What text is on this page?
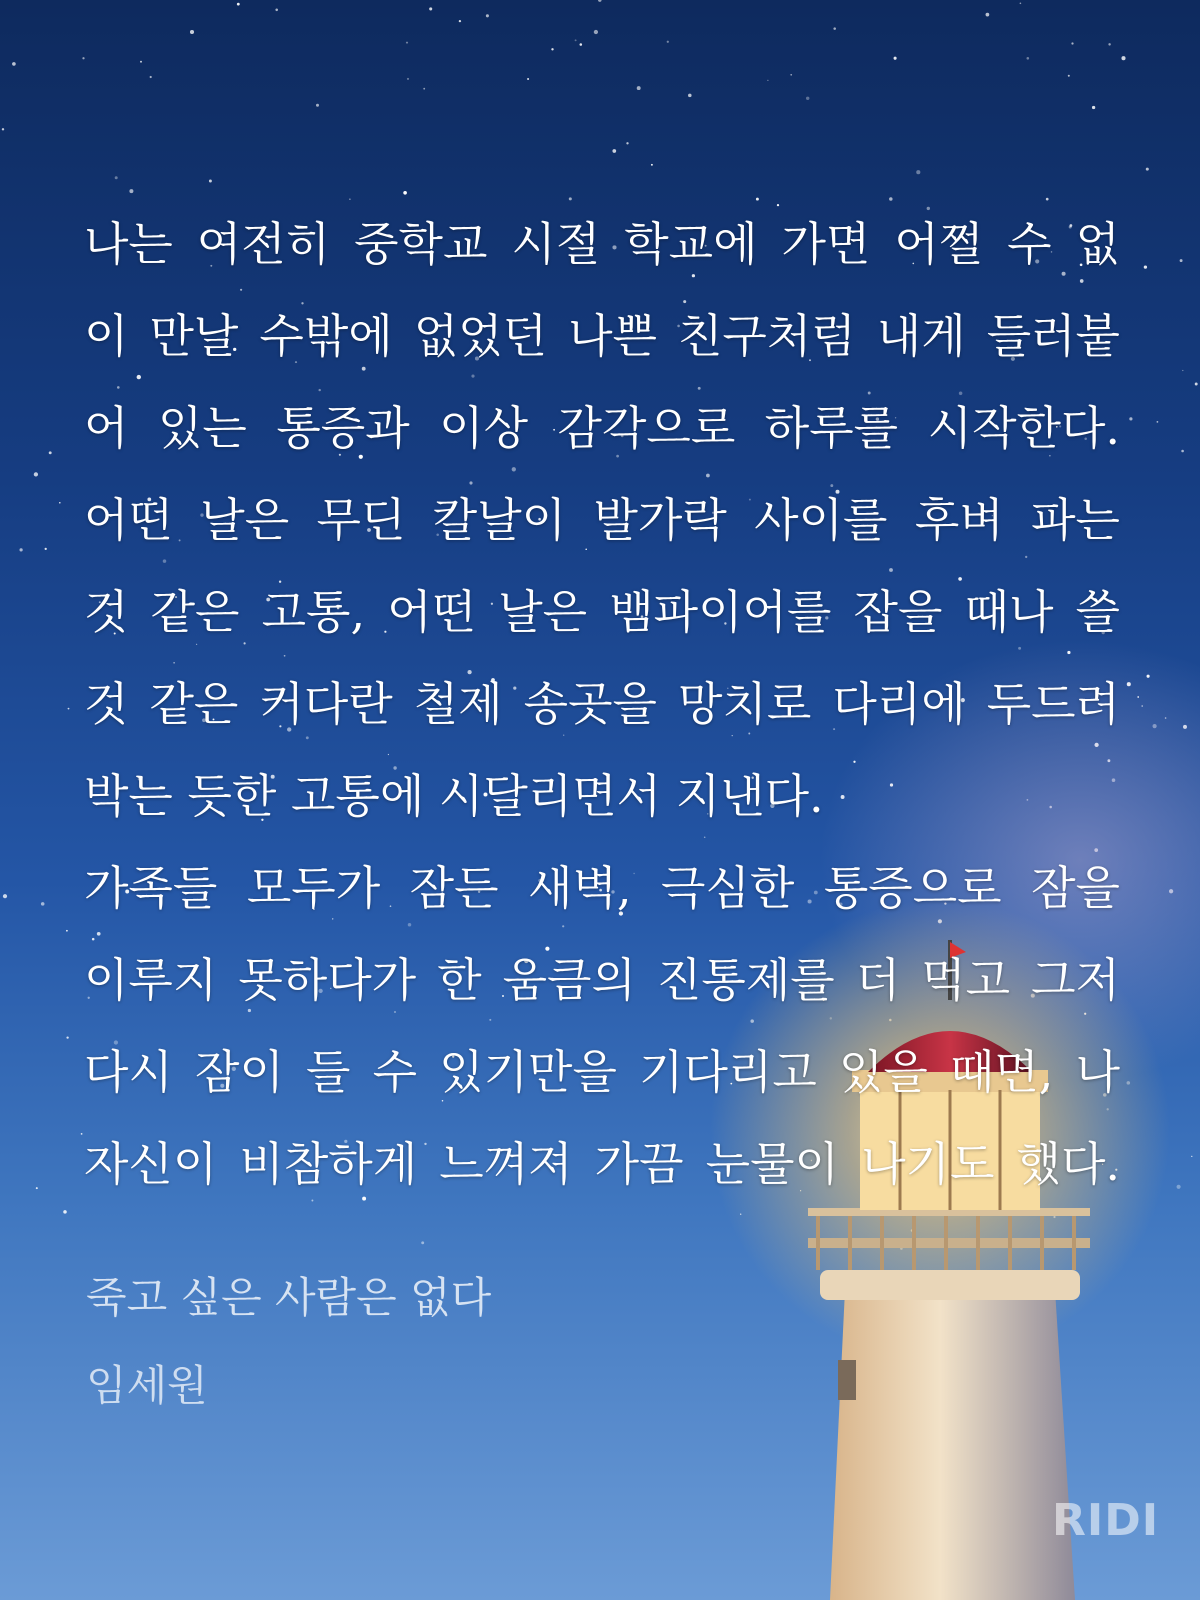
나는 여전히 중학교 시절 학교에 가면 어쩔 수 없
이 만날 수밖에 없었던 나쁜 친구처럼 내게 들러붙
어 있는 통증과 이상 감각으로 하루를 시작한다.
어떤 날은 무딘 칼날이 발가락 사이를 후벼 파는
것 같은 고통, 어떤 날은 뱀파이어를 잡을 때나 쓸
것 같은 커다란 철제 송곳을 망치로 다리에 두드려
박는 듯한 고통에 시달리면서 지낸다.
가족들 모두가 잠든 새벽, 극심한 통증으로 잠을
이루지 못하다가 한 움큼의 진통제를 더 먹고 그저
다시 잠이 들 수 있기만을 기다리고 있을 때면, 나
자신이 비참하게 느껴져 가끔 눈물이 나기도 했다.
죽고 싶은 사람은 없다
임세원
RIDI
